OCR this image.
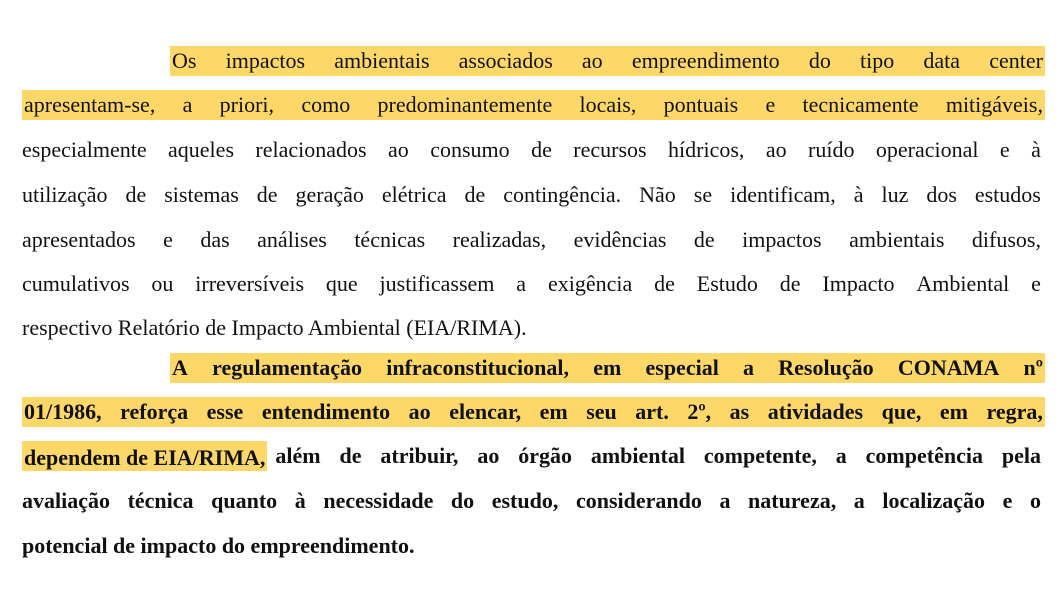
Os impactos ambientais associados ao empreendimento do tipo data center
apresentam-se, a priori, como predominantemente locais, pontuais e tecnicamente mitigáveis,
especialmente aqueles relacionados ao consumo de recursos hídricos, ao ruído operacional e à
utilização de sistemas de geração elétrica de contingência. Não se identificam, à luz dos estudos
apresentados e das análises técnicas realizadas, evidências de impactos ambientais difusos,
cumulativos ou irreversíveis que justificassem a exigência de Estudo de Impacto Ambiental e
respectivo Relatório de Impacto Ambiental (EIA/RIMA).
A regulamentação infraconstitucional, em especial a Resolução CONAMA nº
01/1986, reforça esse entendimento ao elencar, em seu art. 2º, as atividades que, em regra,
dependem de EIA/RIMA, além de atribuir, ao órgão ambiental competente, a competência pela
avaliação técnica quanto à necessidade do estudo, considerando a natureza, a localização e o
potencial de impacto do empreendimento.
